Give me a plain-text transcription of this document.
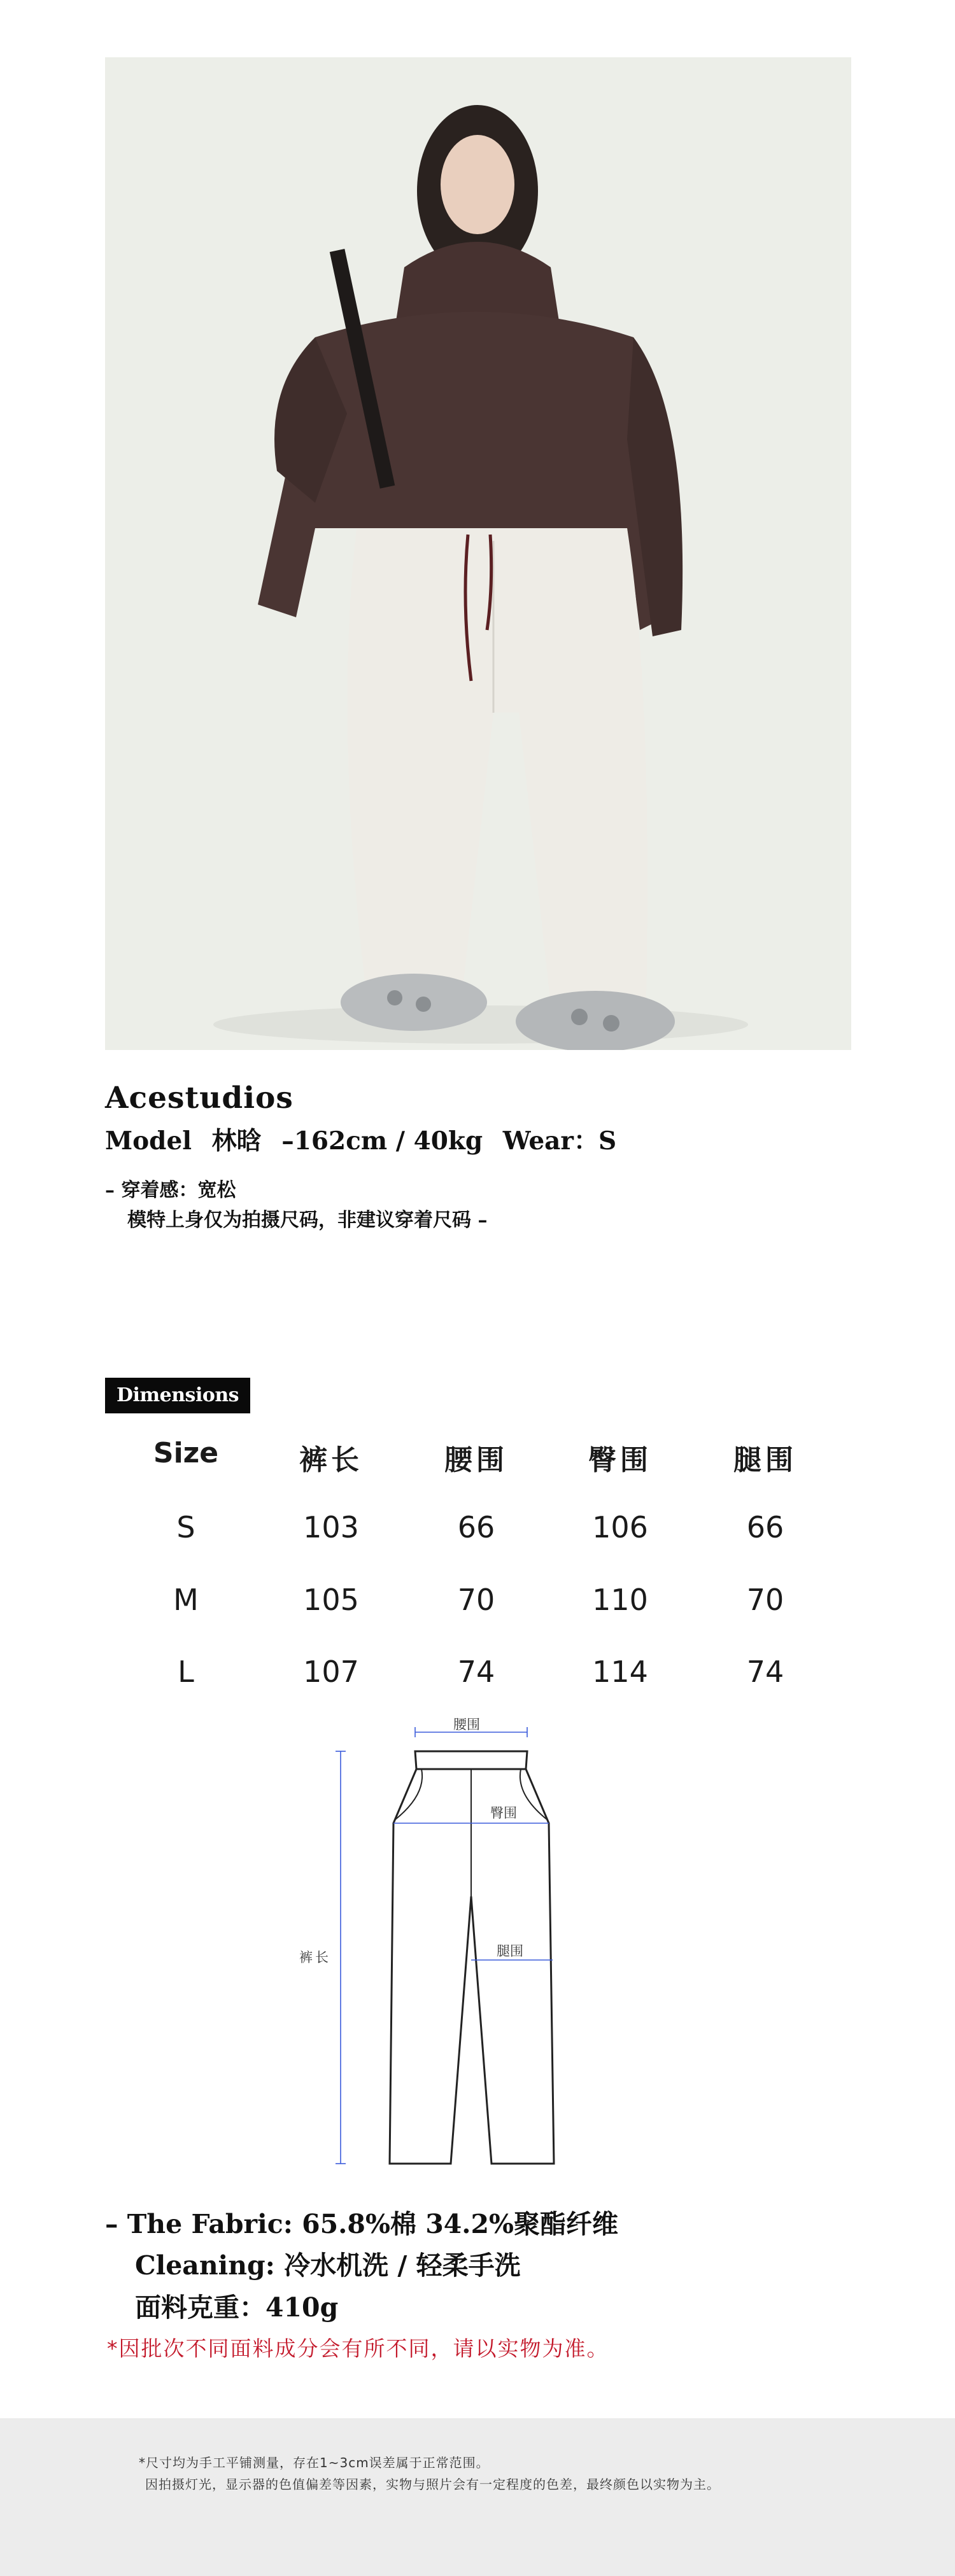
Acestudios
Model 林晗 –162cm / 40kg Wear：S
– 穿着感：宽松
模特上身仅为拍摄尺码，非建议穿着尺码 –
Dimensions
Size	裤长	腰围	臀围	腿围
S	103	66	106	66
M	105	70	110	70
L	107	74	114	74
腰围
臀围
裤长	腿围
– The Fabric: 65.8%棉 34.2%聚酯纤维
Cleaning: 冷水机洗 / 轻柔手洗
面料克重：410g
*因批次不同面料成分会有所不同，请以实物为准。
*尺寸均为手工平铺测量，存在1~3cm误差属于正常范围。
因拍摄灯光，显示器的色值偏差等因素，实物与照片会有一定程度的色差，最终颜色以实物为主。
